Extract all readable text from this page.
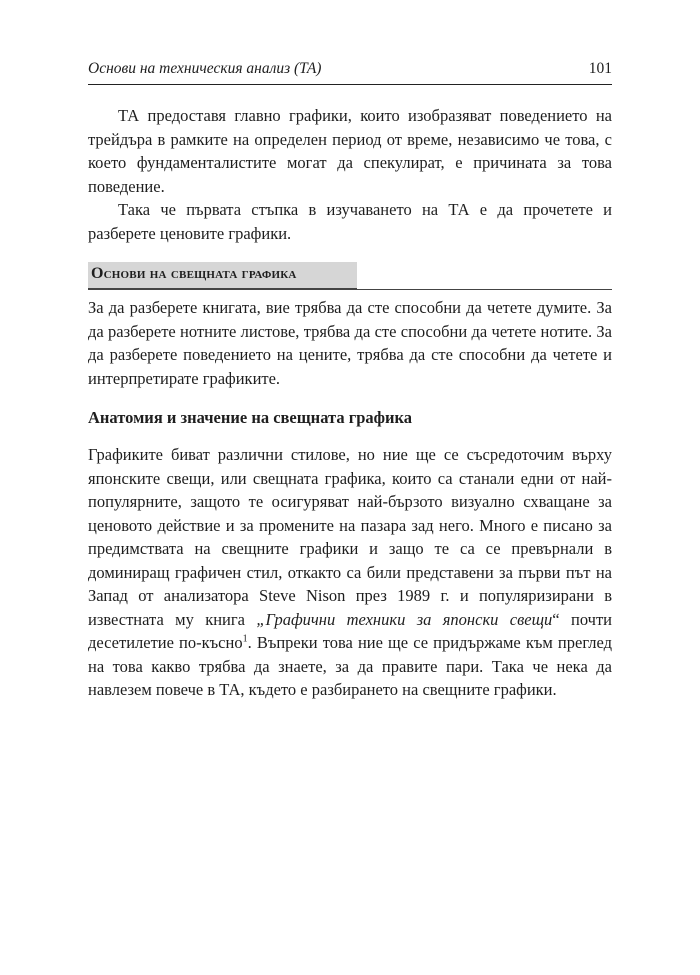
Основи на техническия анализ (ТА)	101

ТА предоставя главно графики, които изобразяват поведението на трейдъра в рамките на определен период от време, независимо че това, с което фундаменталистите могат да спекулират, е причината за това поведение.

Така че първата стъпка в изучаването на ТА е да прочетете и разберете ценовите графики.

Основи на свещната графика

За да разберете книгата, вие трябва да сте способни да четете думите. За да разберете нотните листове, трябва да сте способни да четете нотите. За да разберете поведението на цените, трябва да сте способни да четете и интерпретирате графиките.

Анатомия и значение на свещната графика

Графиките биват различни стилове, но ние ще се съсредоточим върху японските свещи, или свещната графика, които са станали едни от най-популярните, защото те осигуряват най-бързото визуално схващане за ценовото действие и за промените на пазара зад него. Много е писано за предимствата на свещните графики и защо те са се превърнали в доминиращ графичен стил, откакто са били представени за първи път на Запад от анализатора Steve Nison през 1989 г. и популяризирани в известната му книга „Графични техники за японски свещи“ почти десетилетие по-късно$^1$. Въпреки това ние ще се придържаме към преглед на това какво трябва да знаете, за да правите пари. Така че нека да навлезем повече в ТА, където е разбирането на свещните графики.
